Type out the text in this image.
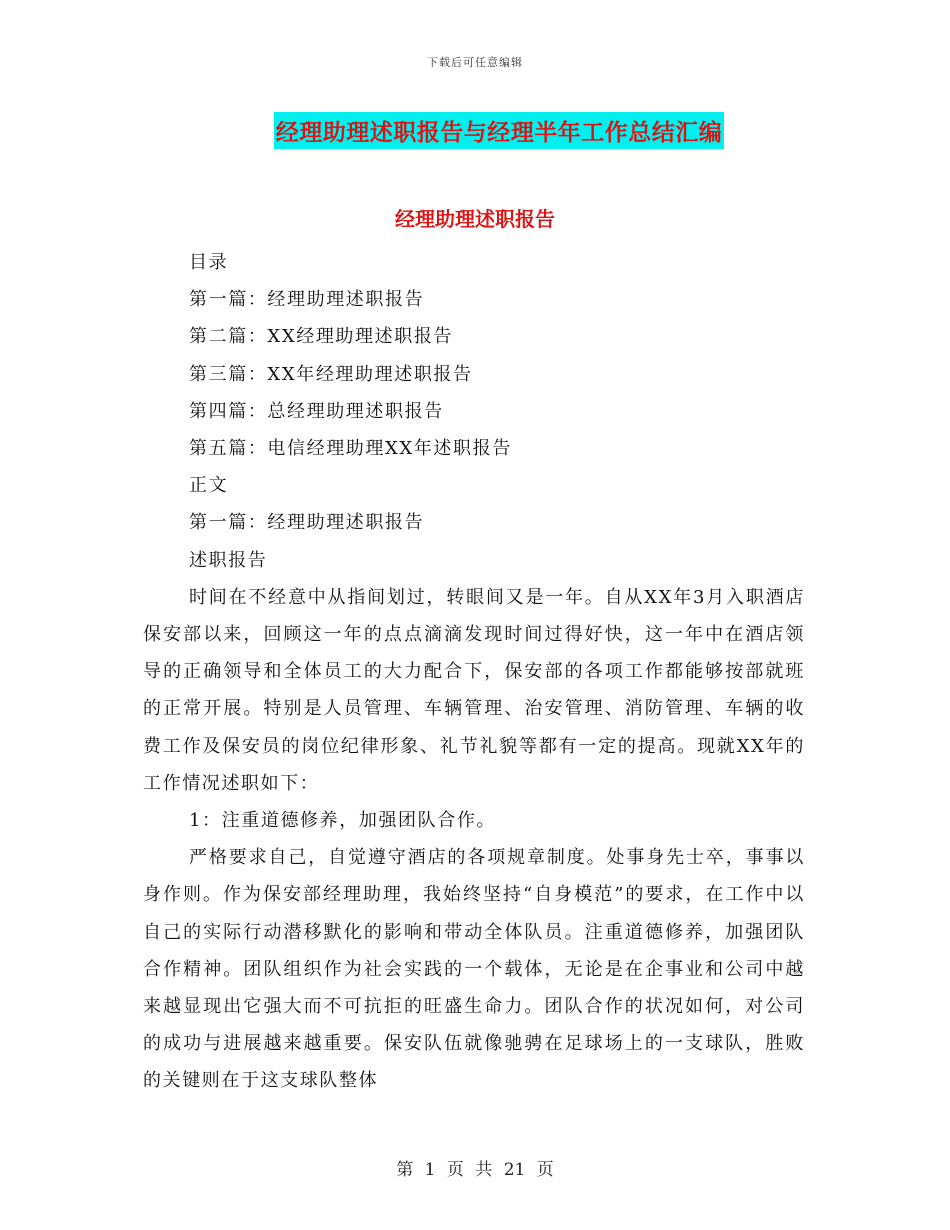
下载后可任意编辑
经理助理述职报告与经理半年工作总结汇编
经理助理述职报告

目录

第一篇：经理助理述职报告

第二篇：XX经理助理述职报告

第三篇：XX年经理助理述职报告

第四篇：总经理助理述职报告

第五篇：电信经理助理XX年述职报告

正文

第一篇：经理助理述职报告

述职报告

时间在不经意中从指间划过，转眼间又是一年。自从XX年3月入职酒店保安部以来，回顾这一年的点点滴滴发现时间过得好快，这一年中在酒店领导的正确领导和全体员工的大力配合下，保安部的各项工作都能够按部就班的正常开展。特别是人员管理、车辆管理、治安管理、消防管理、车辆的收费工作及保安员的岗位纪律形象、礼节礼貌等都有一定的提高。现就XX年的工作情况述职如下：

1：注重道德修养，加强团队合作。

严格要求自己，自觉遵守酒店的各项规章制度。处事身先士卒，事事以身作则。作为保安部经理助理，我始终坚持“自身模范”的要求，在工作中以自己的实际行动潜移默化的影响和带动全体队员。注重道德修养，加强团队合作精神。团队组织作为社会实践的一个载体，无论是在企事业和公司中越来越显现出它强大而不可抗拒的旺盛生命力。团队合作的状况如何，对公司的成功与进展越来越重要。保安队伍就像驰骋在足球场上的一支球队，胜败的关键则在于这支球队整体

第 1 页 共 21 页
